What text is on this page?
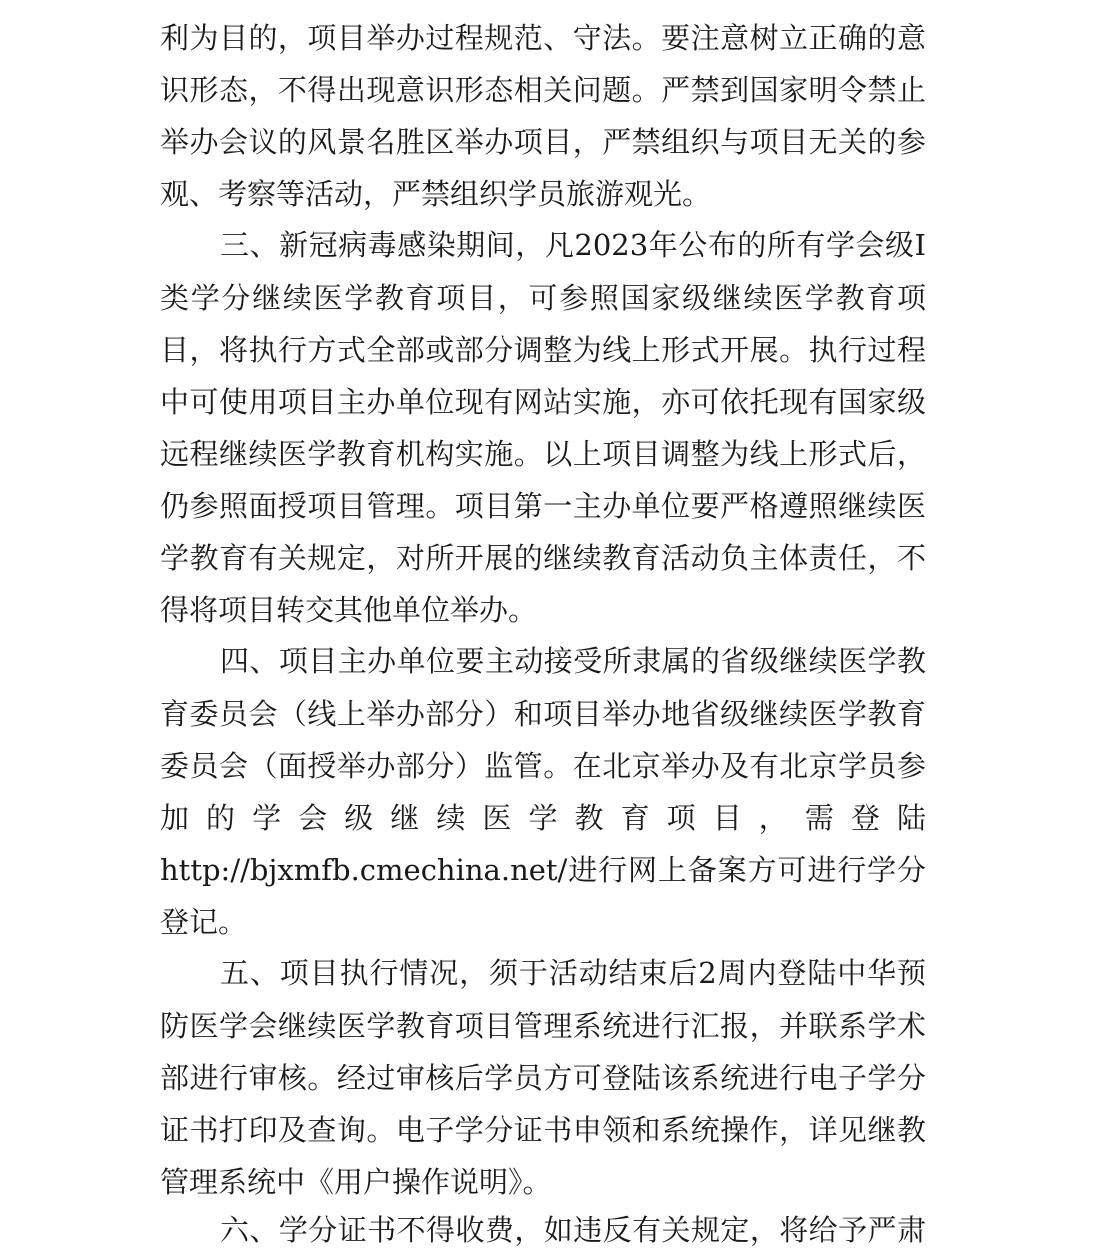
利为目的，项目举办过程规范、守法。要注意树立正确的意
识形态，不得出现意识形态相关问题。严禁到国家明令禁止
举办会议的风景名胜区举办项目，严禁组织与项目无关的参
观、考察等活动，严禁组织学员旅游观光。
三、新冠病毒感染期间，凡2023年公布的所有学会级I
类学分继续医学教育项目，可参照国家级继续医学教育项
目，将执行方式全部或部分调整为线上形式开展。执行过程
中可使用项目主办单位现有网站实施，亦可依托现有国家级
远程继续医学教育机构实施。以上项目调整为线上形式后，
仍参照面授项目管理。项目第一主办单位要严格遵照继续医
学教育有关规定，对所开展的继续教育活动负主体责任，不
得将项目转交其他单位举办。
四、项目主办单位要主动接受所隶属的省级继续医学教
育委员会（线上举办部分）和项目举办地省级继续医学教育
委员会（面授举办部分）监管。在北京举办及有北京学员参
加 的 学 会 级 继 续 医 学 教 育 项 目 ， 需 登 陆
http://bjxmfb.cmechina.net/进行网上备案方可进行学分
登记。
五、项目执行情况，须于活动结束后2周内登陆中华预
防医学会继续医学教育项目管理系统进行汇报，并联系学术
部进行审核。经过审核后学员方可登陆该系统进行电子学分
证书打印及查询。电子学分证书申领和系统操作，详见继教
管理系统中《用户操作说明》。
六、学分证书不得收费，如违反有关规定，将给予严肃
